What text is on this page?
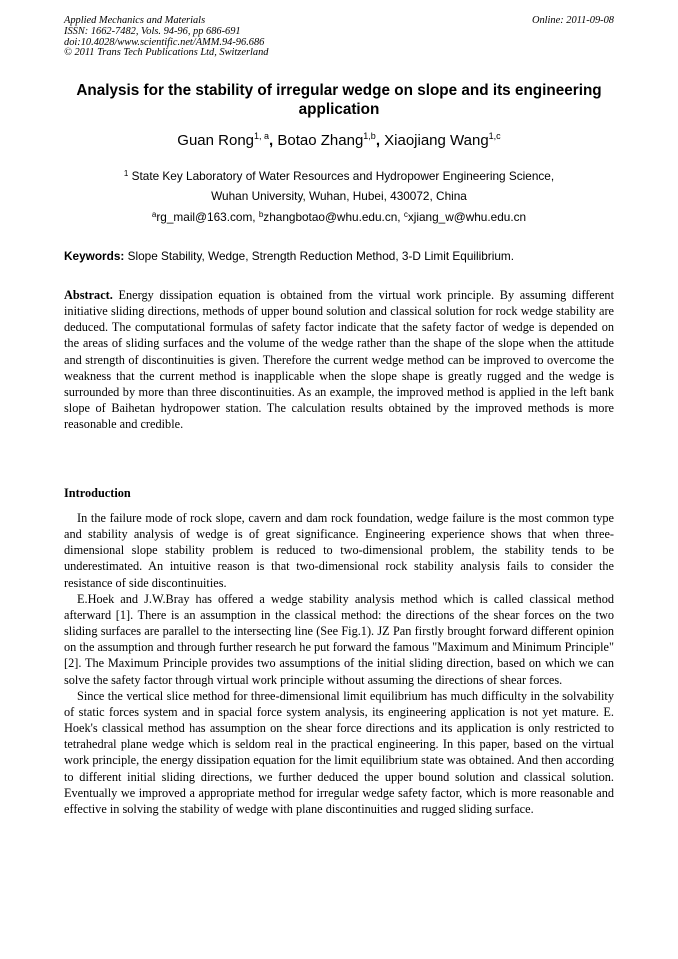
Applied Mechanics and Materials
ISSN: 1662-7482, Vols. 94-96, pp 686-691
doi:10.4028/www.scientific.net/AMM.94-96.686
© 2011 Trans Tech Publications Ltd, Switzerland
Online: 2011-09-08
Analysis for the stability of irregular wedge on slope and its engineering application
Guan Rong$^{1, a}$, Botao Zhang$^{1,b}$, Xiaojiang Wang$^{1,c}$
$^1$ State Key Laboratory of Water Resources and Hydropower Engineering Science,
Wuhan University, Wuhan, Hubei, 430072, China
$^a$rg_mail@163.com, $^b$zhangbotao@whu.edu.cn, $^c$xjiang_w@whu.edu.cn
Keywords: Slope Stability, Wedge, Strength Reduction Method, 3-D Limit Equilibrium.
Abstract. Energy dissipation equation is obtained from the virtual work principle. By assuming different initiative sliding directions, methods of upper bound solution and classical solution for rock wedge stability are deduced. The computational formulas of safety factor indicate that the safety factor of wedge is depended on the areas of sliding surfaces and the volume of the wedge rather than the shape of the slope when the attitude and strength of discontinuities is given. Therefore the current wedge method can be improved to overcome the weakness that the current method is inapplicable when the slope shape is greatly rugged and the wedge is surrounded by more than three discontinuities. As an example, the improved method is applied in the left bank slope of Baihetan hydropower station. The calculation results obtained by the improved methods is more reasonable and credible.
Introduction

In the failure mode of rock slope, cavern and dam rock foundation, wedge failure is the most common type and stability analysis of wedge is of great significance. Engineering experience shows that when three-dimensional slope stability problem is reduced to two-dimensional problem, the stability tends to be underestimated. An intuitive reason is that two-dimensional rock stability analysis fails to consider the resistance of side discontinuities.

E.Hoek and J.W.Bray has offered a wedge stability analysis method which is called classical method afterward [1]. There is an assumption in the classical method: the directions of the shear forces on the two sliding surfaces are parallel to the intersecting line (See Fig.1). JZ Pan firstly brought forward different opinion on the assumption and through further research he put forward the famous "Maximum and Minimum Principle" [2]. The Maximum Principle provides two assumptions of the initial sliding direction, based on which we can solve the safety factor through virtual work principle without assuming the directions of shear forces.

Since the vertical slice method for three-dimensional limit equilibrium has much difficulty in the solvability of static forces system and in spacial force system analysis, its engineering application is not yet mature. E. Hoek's classical method has assumption on the shear force directions and its application is only restricted to tetrahedral plane wedge which is seldom real in the practical engineering. In this paper, based on the virtual work principle, the energy dissipation equation for the limit equilibrium state was obtained. And then according to different initial sliding directions, we further deduced the upper bound solution and classical solution. Eventually we improved a appropriate method for irregular wedge safety factor, which is more reasonable and effective in solving the stability of wedge with plane discontinuities and rugged sliding surface.
